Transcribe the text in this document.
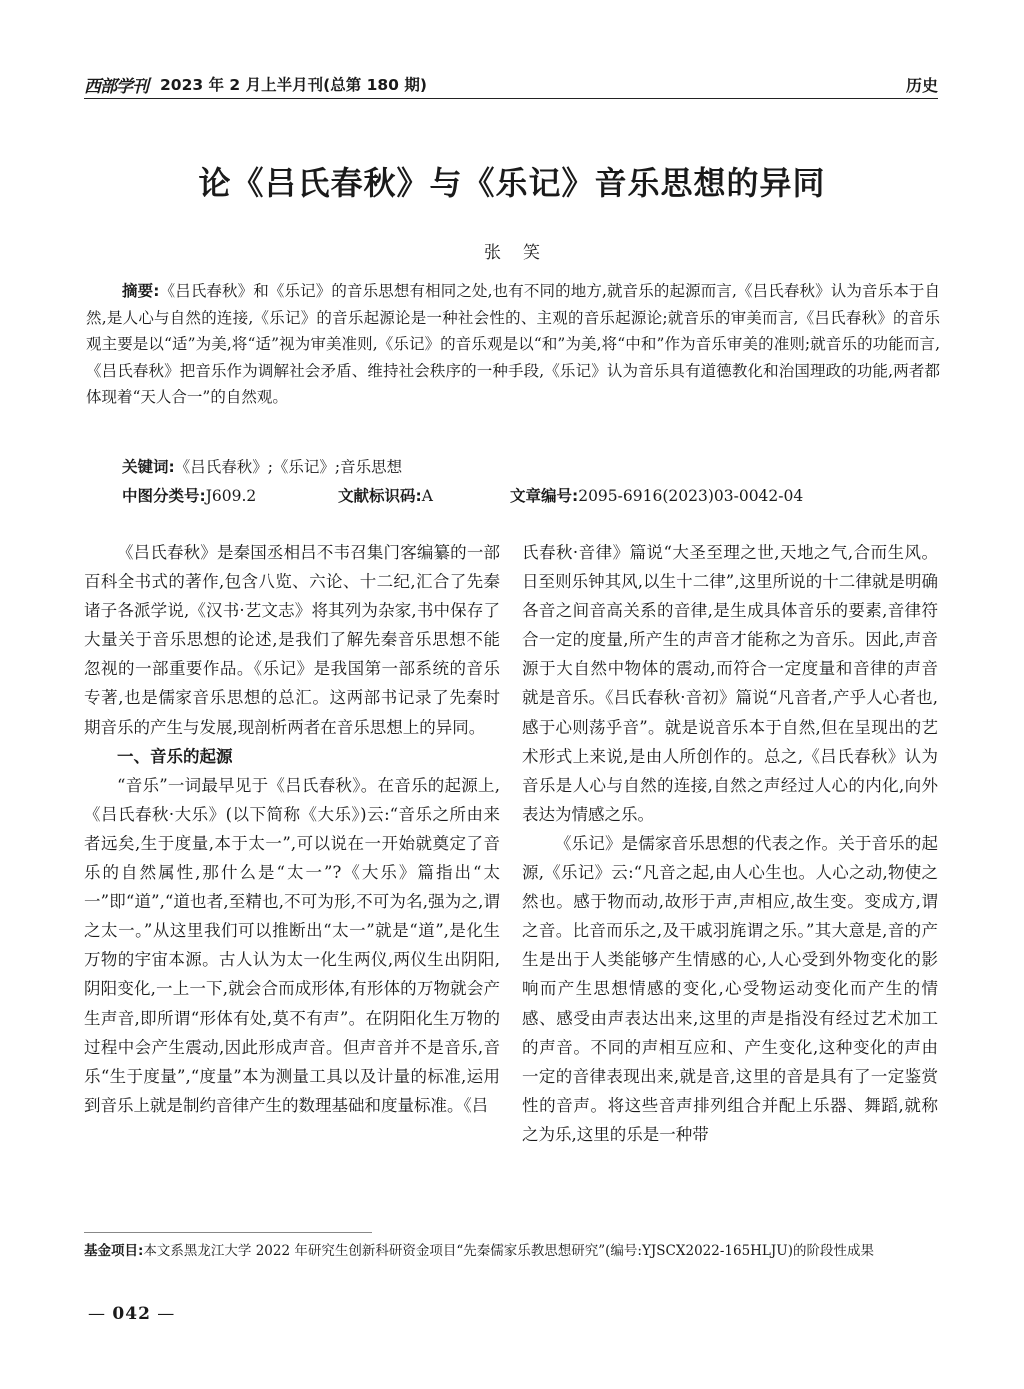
西部学刊 2023 年 2 月上半月刊(总第 180 期)	历史
论《吕氏春秋》与《乐记》音乐思想的异同
张笑

摘要:《吕氏春秋》和《乐记》的音乐思想有相同之处,也有不同的地方,就音乐的起源而言,《吕氏春秋》认为音乐本于自然,是人心与自然的连接,《乐记》的音乐起源论是一种社会性的、主观的音乐起源论;就音乐的审美而言,《吕氏春秋》的音乐观主要是以“适”为美,将“适”视为审美准则,《乐记》的音乐观是以“和”为美,将“中和”作为音乐审美的准则;就音乐的功能而言,《吕氏春秋》把音乐作为调解社会矛盾、维持社会秩序的一种手段,《乐记》认为音乐具有道德教化和治国理政的功能,两者都体现着“天人合一”的自然观。

关键词:《吕氏春秋》;《乐记》;音乐思想
中图分类号:J609.2	文献标识码:A	文章编号:2095-6916(2023)03-0042-04

《吕氏春秋》是秦国丞相吕不韦召集门客编纂的一部百科全书式的著作,包含八览、六论、十二纪,汇合了先秦诸子各派学说,《汉书·艺文志》将其列为杂家,书中保存了大量关于音乐思想的论述,是我们了解先秦音乐思想不能忽视的一部重要作品。《乐记》是我国第一部系统的音乐专著,也是儒家音乐思想的总汇。这两部书记录了先秦时期音乐的产生与发展,现剖析两者在音乐思想上的异同。

一、音乐的起源

“音乐”一词最早见于《吕氏春秋》。在音乐的起源上,《吕氏春秋·大乐》(以下简称《大乐》)云:“音乐之所由来者远矣,生于度量,本于太一”,可以说在一开始就奠定了音乐的自然属性,那什么是“太一”?《大乐》篇指出“太一”即“道”,“道也者,至精也,不可为形,不可为名,强为之,谓之太一。”从这里我们可以推断出“太一”就是“道”,是化生万物的宇宙本源。古人认为太一化生两仪,两仪生出阴阳,阴阳变化,一上一下,就会合而成形体,有形体的万物就会产生声音,即所谓“形体有处,莫不有声”。在阴阳化生万物的过程中会产生震动,因此形成声音。但声音并不是音乐,音乐“生于度量”,“度量”本为测量工具以及计量的标准,运用到音乐上就是制约音律产生的数理基础和度量标准。《吕

氏春秋·音律》篇说“大圣至理之世,天地之气,合而生风。日至则乐钟其风,以生十二律”,这里所说的十二律就是明确各音之间音高关系的音律,是生成具体音乐的要素,音律符合一定的度量,所产生的声音才能称之为音乐。因此,声音源于大自然中物体的震动,而符合一定度量和音律的声音就是音乐。《吕氏春秋·音初》篇说“凡音者,产乎人心者也,感于心则荡乎音”。就是说音乐本于自然,但在呈现出的艺术形式上来说,是由人所创作的。总之,《吕氏春秋》认为音乐是人心与自然的连接,自然之声经过人心的内化,向外表达为情感之乐。

《乐记》是儒家音乐思想的代表之作。关于音乐的起源,《乐记》云:“凡音之起,由人心生也。人心之动,物使之然也。感于物而动,故形于声,声相应,故生变。变成方,谓之音。比音而乐之,及干戚羽旄谓之乐。”其大意是,音的产生是出于人类能够产生情感的心,人心受到外物变化的影响而产生思想情感的变化,心受物运动变化而产生的情感、感受由声表达出来,这里的声是指没有经过艺术加工的声音。不同的声相互应和、产生变化,这种变化的声由一定的音律表现出来,就是音,这里的音是具有了一定鉴赏性的音声。将这些音声排列组合并配上乐器、舞蹈,就称之为乐,这里的乐是一种带

基金项目:本文系黑龙江大学 2022 年研究生创新科研资金项目“先秦儒家乐教思想研究”(编号:YJSCX2022-165HLJU)的阶段性成果

— 042 —
